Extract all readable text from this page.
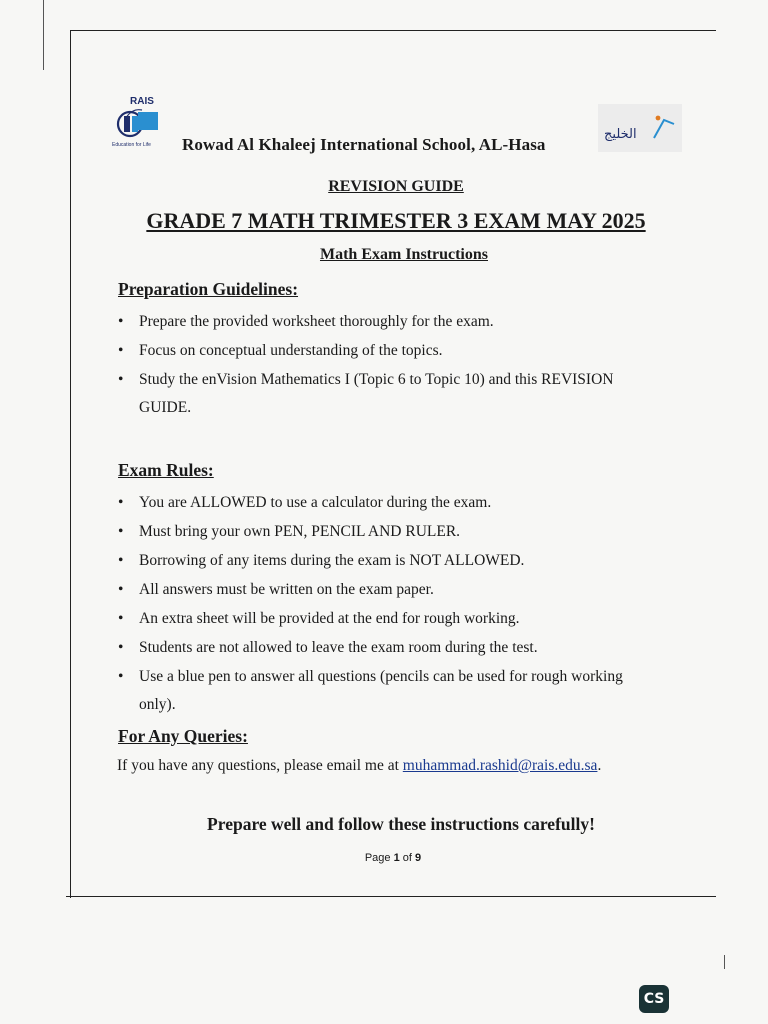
RAIS
Education for Life Rowad Al Khaleej International School, AL-Hasa
الخليج
REVISION GUIDE
GRADE 7 MATH TRIMESTER 3 EXAM MAY 2025
Math Exam Instructions
Preparation Guidelines:
• Prepare the provided worksheet thoroughly for the exam.
• Focus on conceptual understanding of the topics.
• Study the enVision Mathematics I (Topic 6 to Topic 10) and this REVISION
GUIDE.
Exam Rules:
• You are ALLOWED to use a calculator during the exam.
• Must bring your own PEN, PENCIL AND RULER.
• Borrowing of any items during the exam is NOT ALLOWED.
• All answers must be written on the exam paper.
• An extra sheet will be provided at the end for rough working.
• Students are not allowed to leave the exam room during the test.
• Use a blue pen to answer all questions (pencils can be used for rough working
only).
For Any Queries:
If you have any questions, please email me at muhammad.rashid@rais.edu.sa.
Prepare well and follow these instructions carefully!
Page 1 of 9
CS
